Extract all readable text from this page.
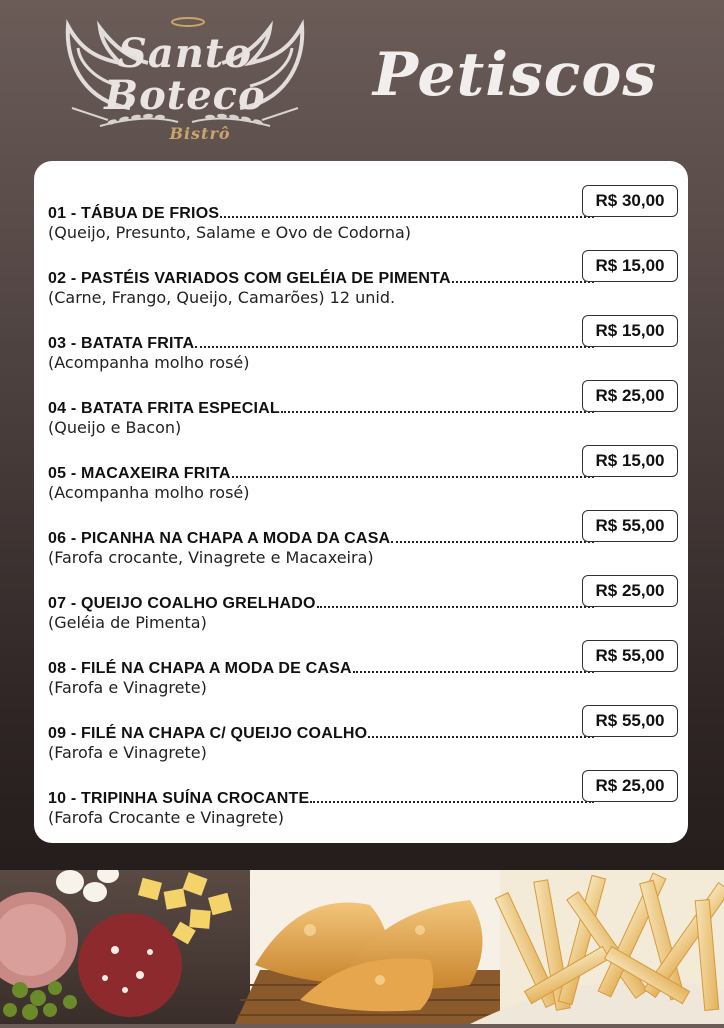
Santo
Boteco
Bistrô
Petiscos
01 - TÁBUA DE FRIOS
R$ 30,00
(Queijo, Presunto, Salame e Ovo de Codorna)
02 - PASTÉIS VARIADOS COM GELÉIA DE PIMENTA
R$ 15,00
(Carne, Frango, Queijo, Camarões) 12 unid.
03 - BATATA FRITA
R$ 15,00
(Acompanha molho rosé)
04 - BATATA FRITA ESPECIAL
R$ 25,00
(Queijo e Bacon)
05 - MACAXEIRA FRITA
R$ 15,00
(Acompanha molho rosé)
06 - PICANHA NA CHAPA A MODA DA CASA
R$ 55,00
(Farofa crocante, Vinagrete e Macaxeira)
07 - QUEIJO COALHO GRELHADO
R$ 25,00
(Geléia de Pimenta)
08 - FILÉ NA CHAPA A MODA DE CASA
R$ 55,00
(Farofa e Vinagrete)
09 - FILÉ NA CHAPA C/ QUEIJO COALHO
R$ 55,00
(Farofa e Vinagrete)
10 - TRIPINHA SUÍNA CROCANTE
R$ 25,00
(Farofa Crocante e Vinagrete)
